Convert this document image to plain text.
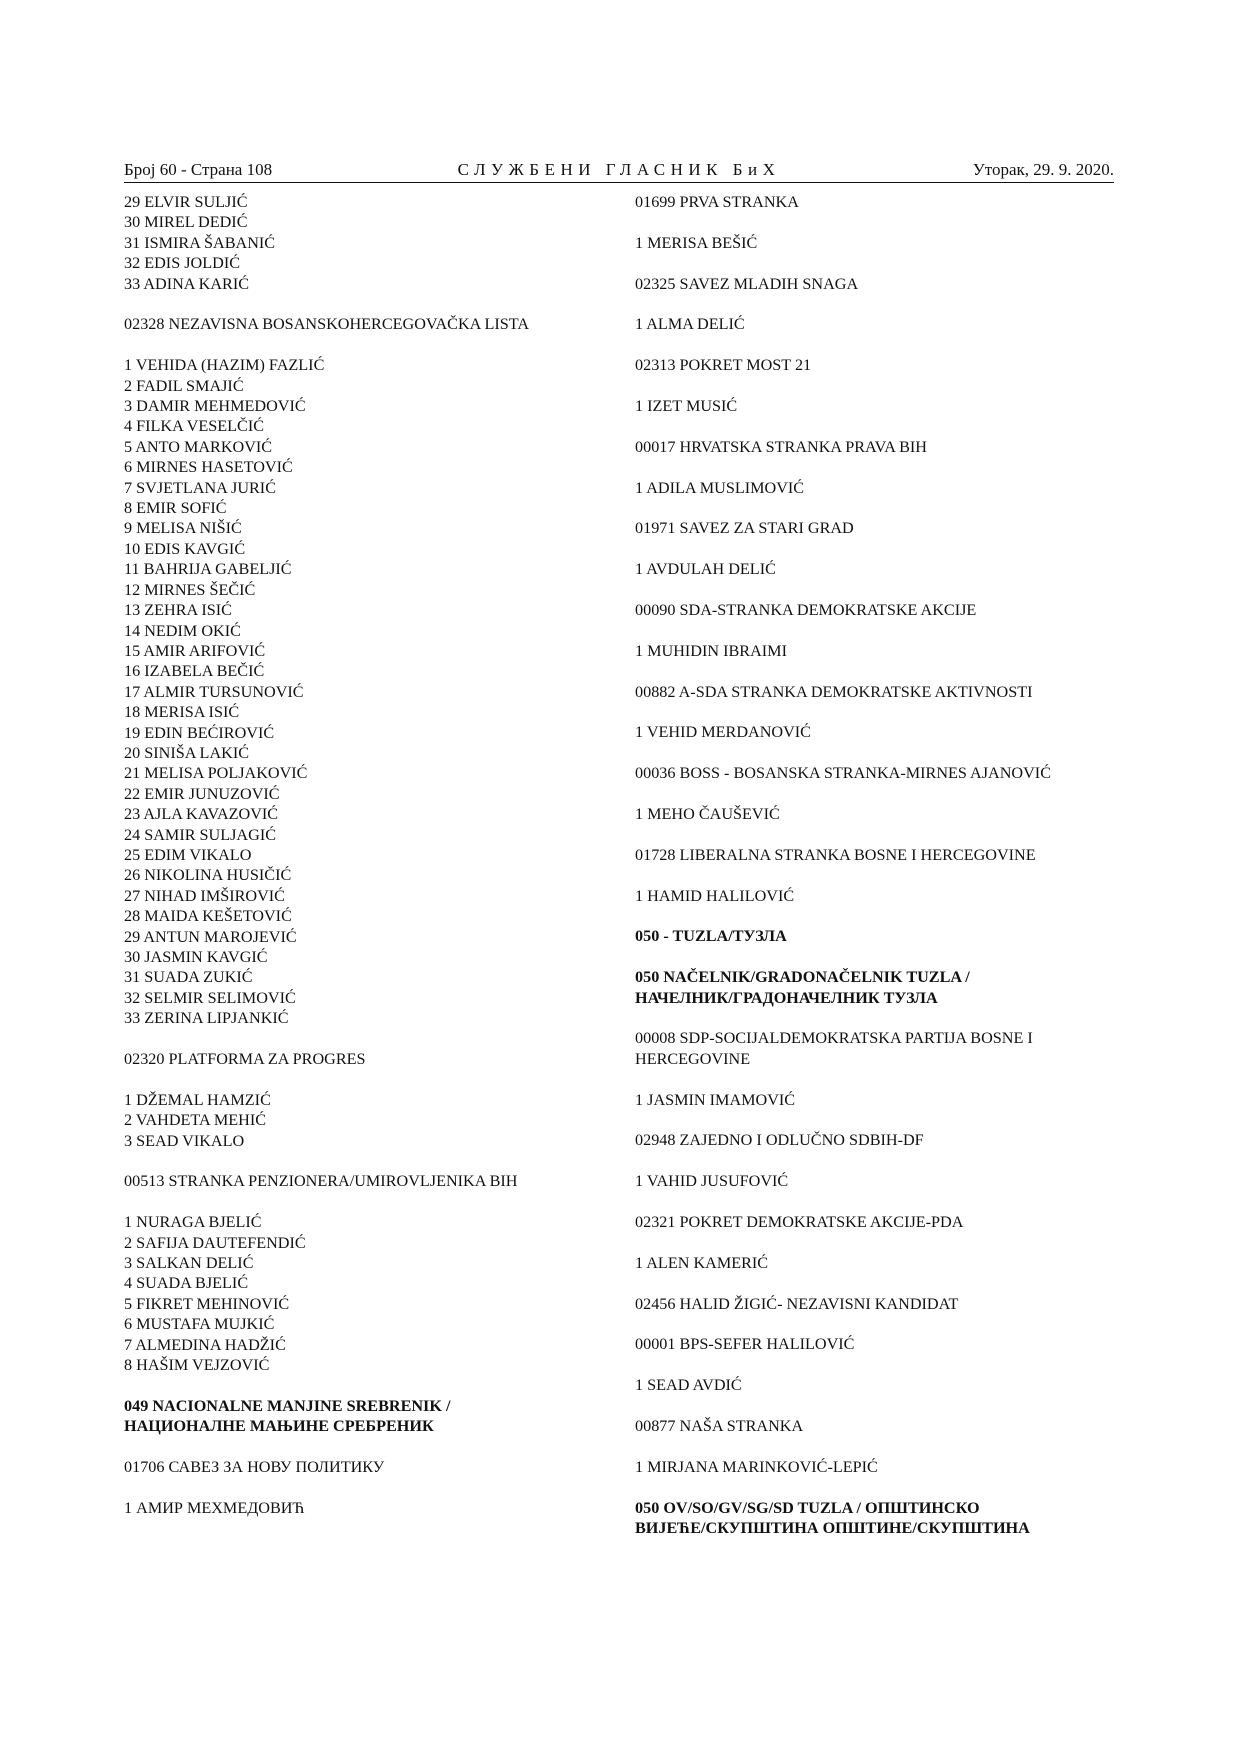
Број 60 - Страна 108	СЛУЖБЕНИ ГЛАСНИК БиХ	Уторак, 29. 9. 2020.
29 ELVIR SULJIĆ
30 MIREL DEDIĆ
31 ISMIRA ŠABANIĆ
32 EDIS JOLDIĆ
33 ADINA KARIĆ
02328 NEZAVISNA BOSANSKOHERCEGOVAČKA LISTA
1 VEHIDA (HAZIM) FAZLIĆ
2 FADIL SMAJIĆ
3 DAMIR MEHMEDOVIĆ
4 FILKA VESELČIĆ
5 ANTO MARKOVIĆ
6 MIRNES HASETOVIĆ
7 SVJETLANA JURIĆ
8 EMIR SOFIĆ
9 MELISA NIŠIĆ
10 EDIS KAVGIĆ
11 BAHRIJA GABELJIĆ
12 MIRNES ŠEČIĆ
13 ZEHRA ISIĆ
14 NEDIM OKIĆ
15 AMIR ARIFOVIĆ
16 IZABELA BEČIĆ
17 ALMIR TURSUNOVIĆ
18 MERISA ISIĆ
19 EDIN BEĆIROVIĆ
20 SINIŠA LAKIĆ
21 MELISA POLJAKOVIĆ
22 EMIR JUNUZOVIĆ
23 AJLA KAVAZOVIĆ
24 SAMIR SULJAGIĆ
25 EDIM VIKALO
26 NIKOLINA HUSIČIĆ
27 NIHAD IMŠIROVIĆ
28 MAIDA KEŠETOVIĆ
29 ANTUN MAROJEVIĆ
30 JASMIN KAVGIĆ
31 SUADA ZUKIĆ
32 SELMIR SELIMOVIĆ
33 ZERINA LIPJANKIĆ
02320 PLATFORMA ZA PROGRES
1 DŽEMAL HAMZIĆ
2 VAHDETA MEHIĆ
3 SEAD VIKALO
00513 STRANKA PENZIONERA/UMIROVLJENIKA BIH
1 NURAGA BJELIĆ
2 SAFIJA DAUTEFENDIĆ
3 SALKAN DELIĆ
4 SUADA BJELIĆ
5 FIKRET MEHINOVIĆ
6 MUSTAFA MUJKIĆ
7 ALMEDINA HADŽIĆ
8 HAŠIM VEJZOVIĆ
049 NACIONALNE MANJINE SREBRENIK /
НАЦИОНАЛНЕ МАЊИНЕ СРЕБРЕНИК
01706 САВЕЗ ЗА НОВУ ПОЛИТИКУ
1 АМИР МЕХМЕДОВИЋ
01699 PRVA STRANKA
1 MERISA BEŠIĆ
02325 SAVEZ MLADIH SNAGA
1 ALMA DELIĆ
02313 POKRET MOST 21
1 IZET MUSIĆ
00017 HRVATSKA STRANKA PRAVA BIH
1 ADILA MUSLIMOVIĆ
01971 SAVEZ ZA STARI GRAD
1 AVDULAH DELIĆ
00090 SDA-STRANKA DEMOKRATSKE AKCIJE
1 MUHIDIN IBRAIMI
00882 A-SDA STRANKA DEMOKRATSKE AKTIVNOSTI
1 VEHID MERDANOVIĆ
00036 BOSS - BOSANSKA STRANKA-MIRNES AJANOVIĆ
1 MEHO ČAUŠEVIĆ
01728 LIBERALNA STRANKA BOSNE I HERCEGOVINE
1 HAMID HALILOVIĆ
050 - TUZLA/ТУЗЛА
050 NAČELNIK/GRADONAČELNIK TUZLA /
НАЧЕЛНИК/ГРАДОНАЧЕЛНИК ТУЗЛА
00008 SDP-SOCIJALDEMOKRATSKA PARTIJA BOSNE I
HERCEGOVINE
1 JASMIN IMAMOVIĆ
02948 ZAJEDNO I ODLUČNO SDBIH-DF
1 VAHID JUSUFOVIĆ
02321 POKRET DEMOKRATSKE AKCIJE-PDA
1 ALEN KAMERIĆ
02456 HALID ŽIGIĆ- NEZAVISNI KANDIDAT
00001 BPS-SEFER HALILOVIĆ
1 SEAD AVDIĆ
00877 NAŠA STRANKA
1 MIRJANA MARINKOVIĆ-LEPIĆ
050 OV/SO/GV/SG/SD TUZLA / ОПШТИНСКО
ВИЈЕЋЕ/СКУПШТИНА ОПШТИНЕ/СКУПШТИНА
